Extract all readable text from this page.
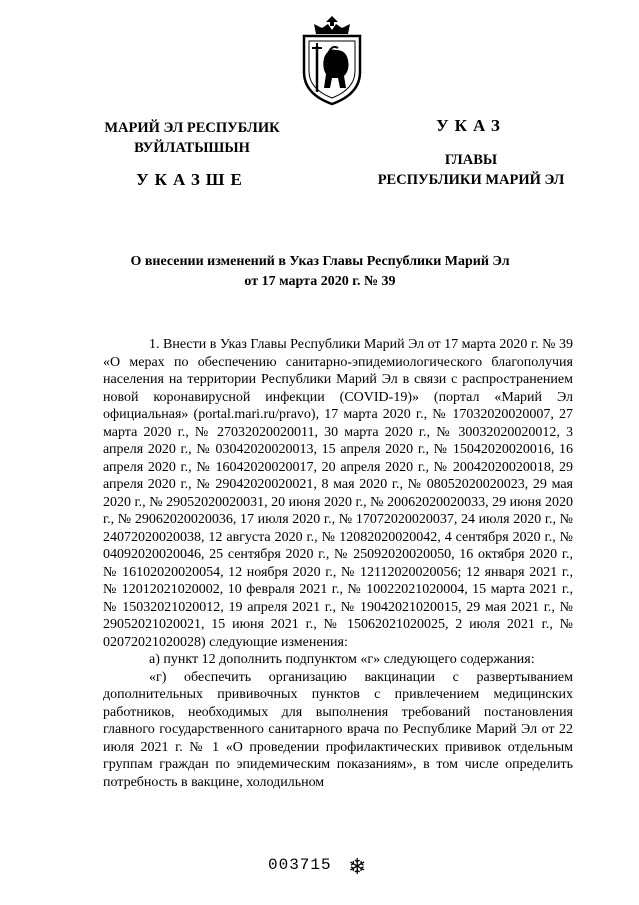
МАРИЙ ЭЛ РЕСПУБЛИК
ВУЙЛАТЫШЫН
УКАЗШЕ
УКАЗ
ГЛАВЫ
РЕСПУБЛИКИ МАРИЙ ЭЛ
О внесении изменений в Указ Главы Республики Марий Эл
от 17 марта 2020 г. № 39

1. Внести в Указ Главы Республики Марий Эл от 17 марта 2020 г. № 39 «О мерах по обеспечению санитарно-эпидемиологического благополучия населения на территории Республики Марий Эл в связи с распространением новой коронавирусной инфекции (COVID-19)» (портал «Марий Эл официальная» (portal.mari.ru/pravo), 17 марта 2020 г., № 17032020020007, 27 марта 2020 г., № 27032020020011, 30 марта 2020 г., № 30032020020012, 3 апреля 2020 г., № 03042020020013, 15 апреля 2020 г., № 15042020020016, 16 апреля 2020 г., № 16042020020017, 20 апреля 2020 г., № 20042020020018, 29 апреля 2020 г., № 29042020020021, 8 мая 2020 г., № 08052020020023, 29 мая 2020 г., № 29052020020031, 20 июня 2020 г., № 20062020020033, 29 июня 2020 г., № 29062020020036, 17 июля 2020 г., № 17072020020037, 24 июля 2020 г., № 24072020020038, 12 августа 2020 г., № 12082020020042, 4 сентября 2020 г., № 04092020020046, 25 сентября 2020 г., № 25092020020050, 16 октября 2020 г., № 16102020020054, 12 ноября 2020 г., № 12112020020056; 12 января 2021 г., № 12012021020002, 10 февраля 2021 г., № 10022021020004, 15 марта 2021 г., № 15032021020012, 19 апреля 2021 г., № 19042021020015, 29 мая 2021 г., № 29052021020021, 15 июня 2021 г., № 15062021020025, 2 июля 2021 г., № 02072021020028) следующие изменения:

а) пункт 12 дополнить подпунктом «г» следующего содержания:

«г) обеспечить организацию вакцинации с развертыванием дополнительных прививочных пунктов с привлечением медицинских работников, необходимых для выполнения требований постановления главного государственного санитарного врача по Республике Марий Эл от 22 июля 2021 г. № 1 «О проведении профилактических прививок отдельным группам граждан по эпидемическим показаниям», в том числе определить потребность в вакцине, холодильном

003715 ❄
